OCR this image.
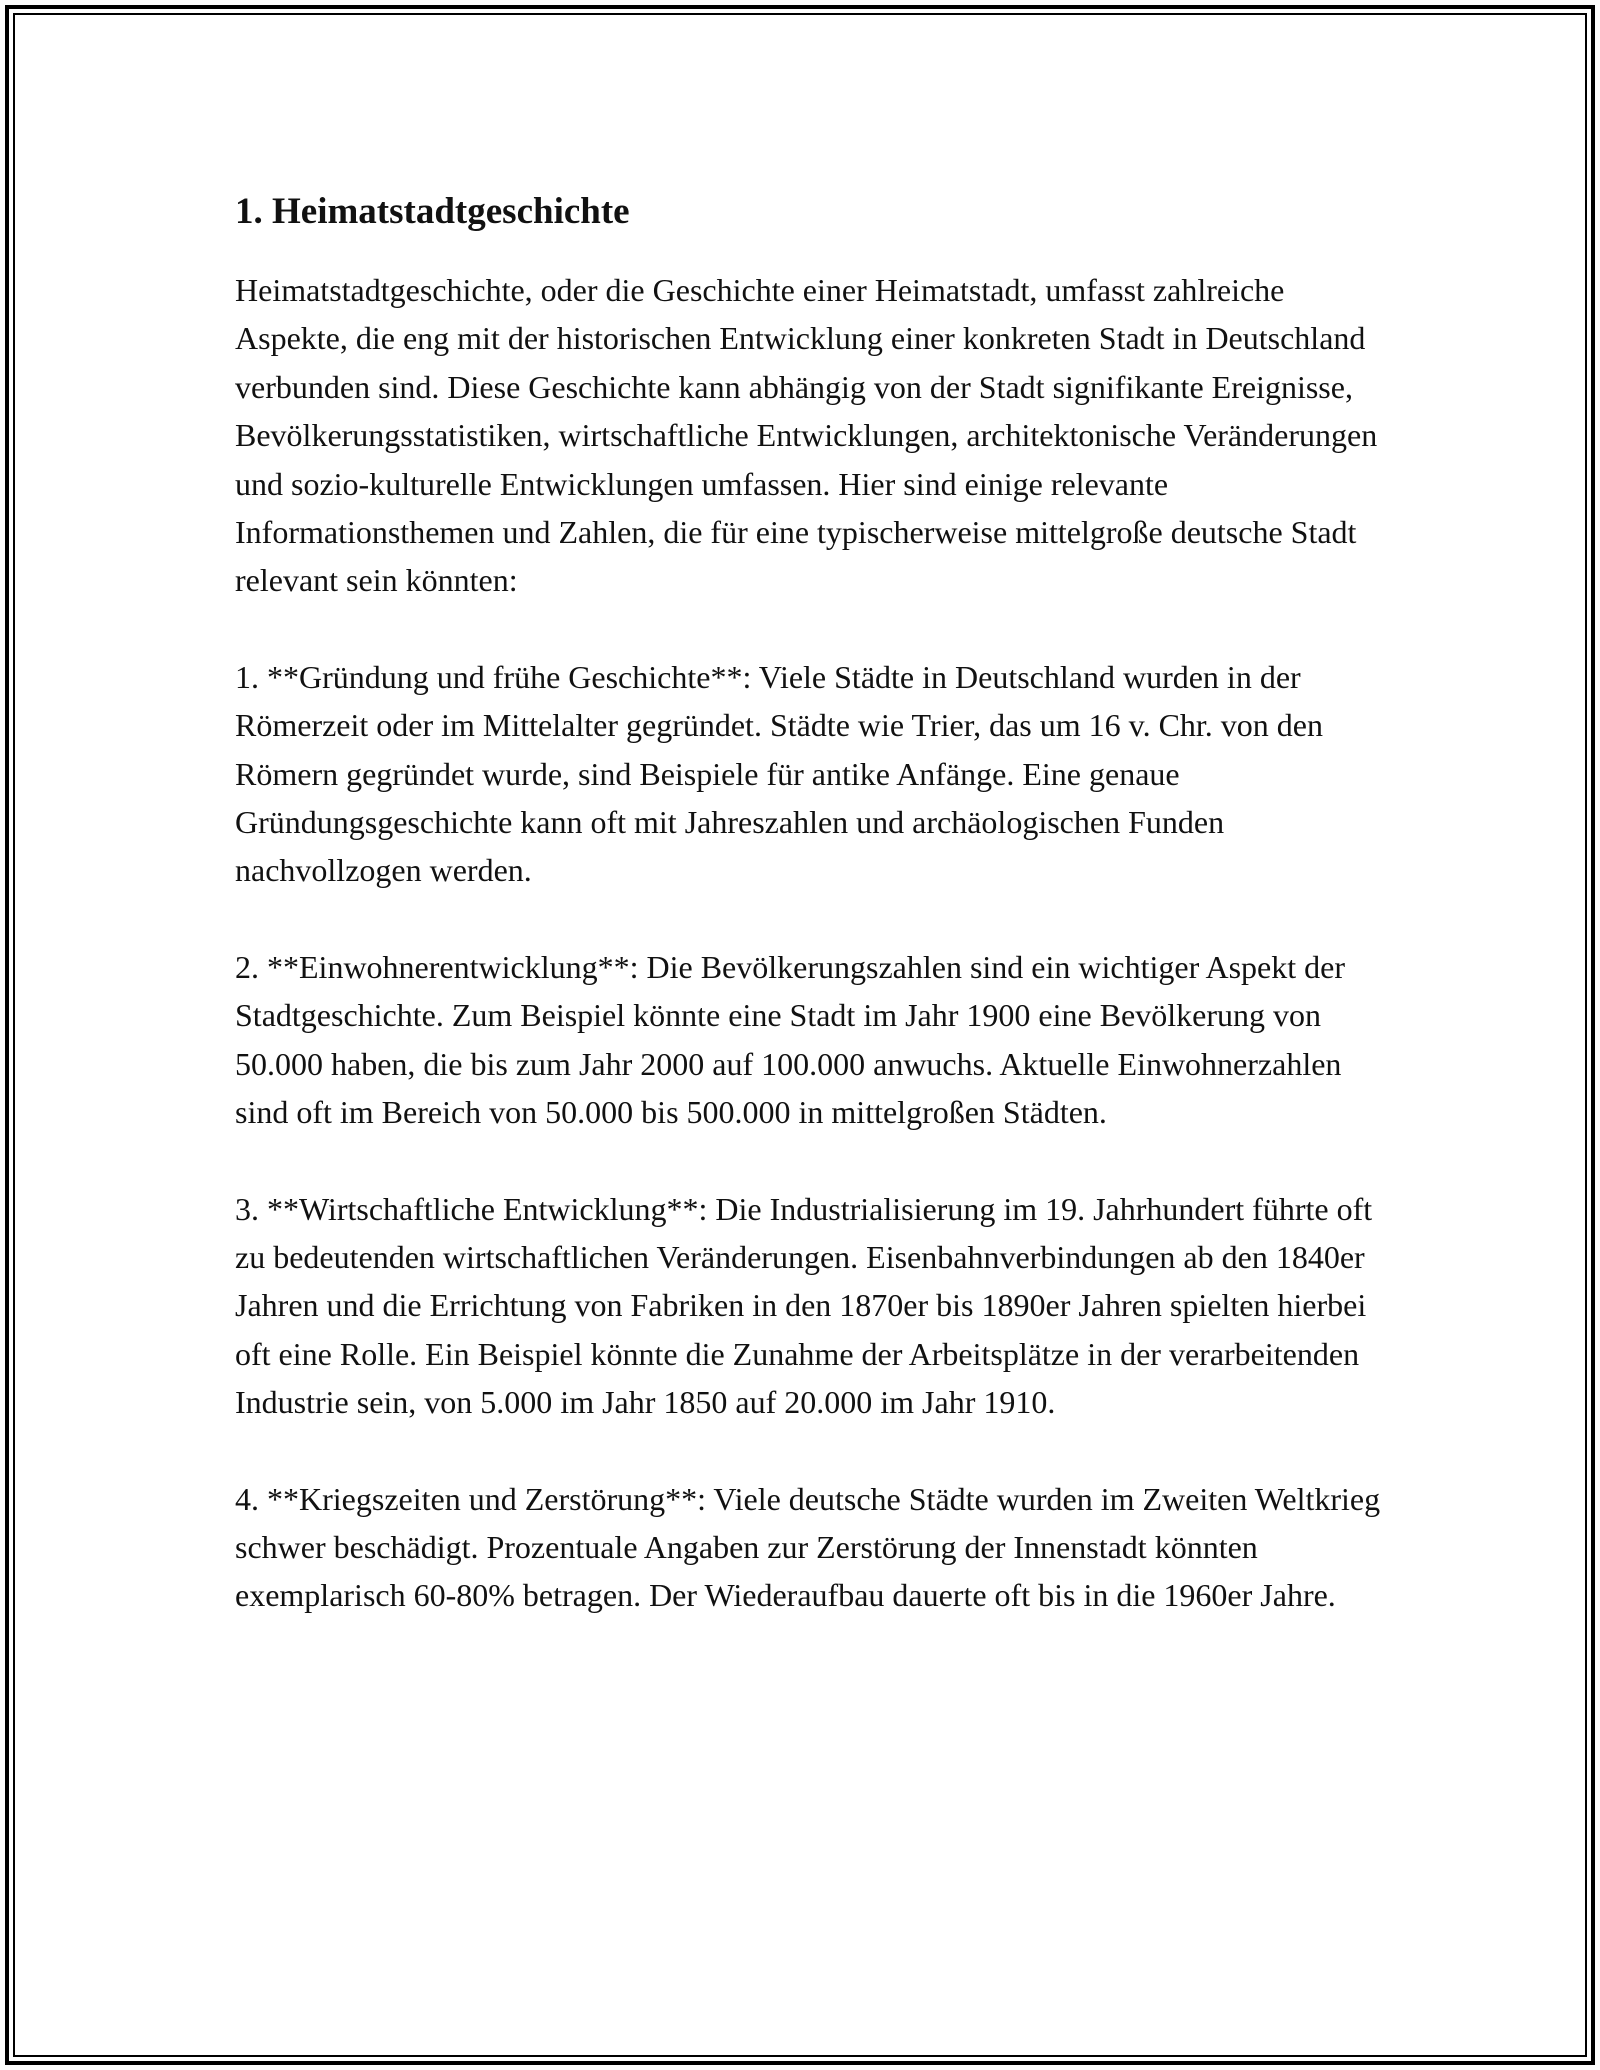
1. Heimatstadtgeschichte

Heimatstadtgeschichte, oder die Geschichte einer Heimatstadt, umfasst zahlreiche Aspekte, die eng mit der historischen Entwicklung einer konkreten Stadt in Deutschland verbunden sind. Diese Geschichte kann abhängig von der Stadt signifikante Ereignisse, Bevölkerungsstatistiken, wirtschaftliche Entwicklungen, architektonische Veränderungen und sozio-kulturelle Entwicklungen umfassen. Hier sind einige relevante Informationsthemen und Zahlen, die für eine typischerweise mittelgroße deutsche Stadt relevant sein könnten:

1. **Gründung und frühe Geschichte**: Viele Städte in Deutschland wurden in der Römerzeit oder im Mittelalter gegründet. Städte wie Trier, das um 16 v. Chr. von den Römern gegründet wurde, sind Beispiele für antike Anfänge. Eine genaue Gründungsgeschichte kann oft mit Jahreszahlen und archäologischen Funden nachvollzogen werden.

2. **Einwohnerentwicklung**: Die Bevölkerungszahlen sind ein wichtiger Aspekt der Stadtgeschichte. Zum Beispiel könnte eine Stadt im Jahr 1900 eine Bevölkerung von 50.000 haben, die bis zum Jahr 2000 auf 100.000 anwuchs. Aktuelle Einwohnerzahlen sind oft im Bereich von 50.000 bis 500.000 in mittelgroßen Städten.

3. **Wirtschaftliche Entwicklung**: Die Industrialisierung im 19. Jahrhundert führte oft zu bedeutenden wirtschaftlichen Veränderungen. Eisenbahnverbindungen ab den 1840er Jahren und die Errichtung von Fabriken in den 1870er bis 1890er Jahren spielten hierbei oft eine Rolle. Ein Beispiel könnte die Zunahme der Arbeitsplätze in der verarbeitenden Industrie sein, von 5.000 im Jahr 1850 auf 20.000 im Jahr 1910.

4. **Kriegszeiten und Zerstörung**: Viele deutsche Städte wurden im Zweiten Weltkrieg schwer beschädigt. Prozentuale Angaben zur Zerstörung der Innenstadt könnten exemplarisch 60-80% betragen. Der Wiederaufbau dauerte oft bis in die 1960er Jahre.
